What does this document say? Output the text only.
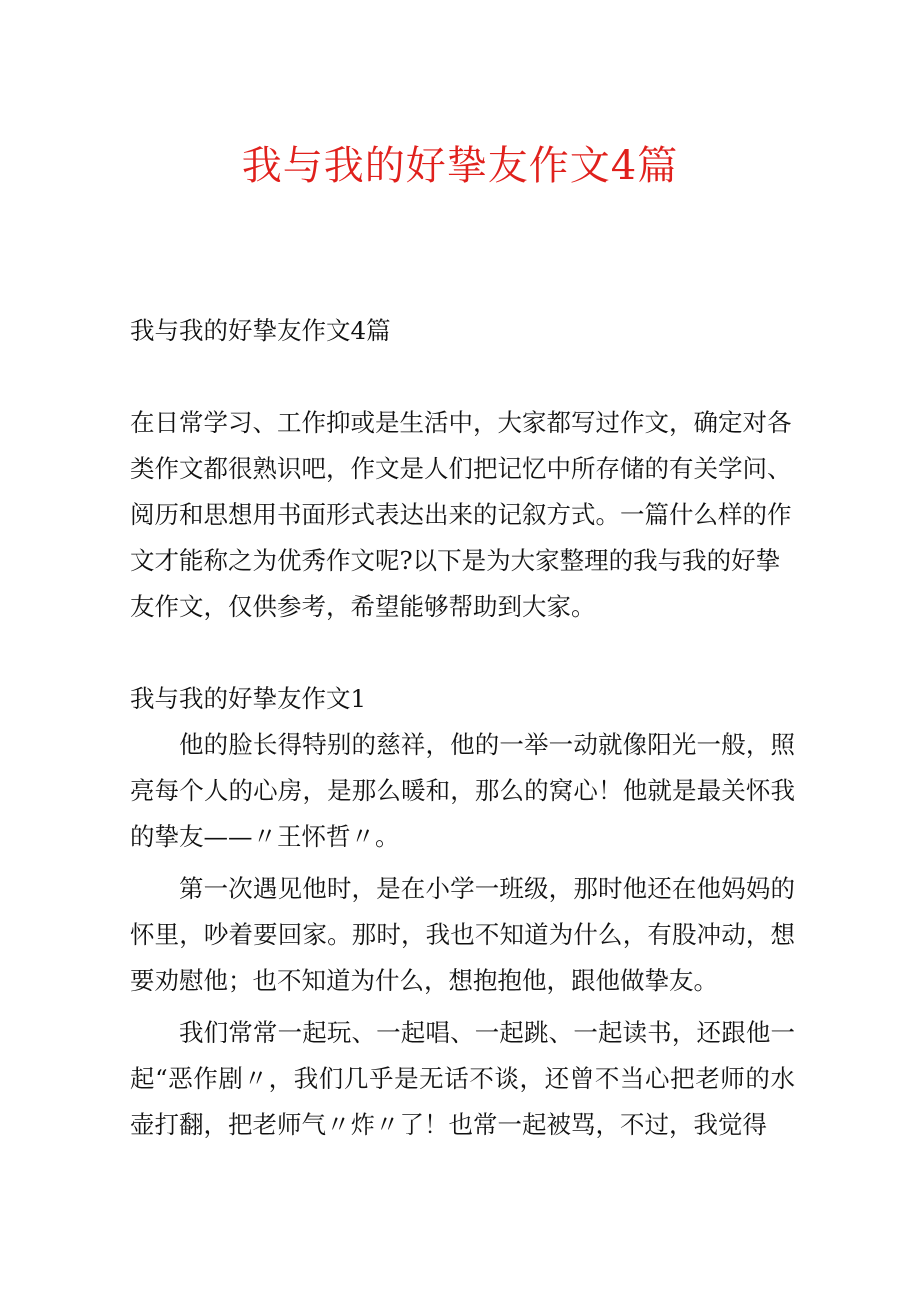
我与我的好挚友作文4篇

我与我的好挚友作文4篇

在日常学习、工作抑或是生活中，大家都写过作文，确定对各类作文都很熟识吧，作文是人们把记忆中所存储的有关学问、阅历和思想用书面形式表达出来的记叙方式。一篇什么样的作文才能称之为优秀作文呢?以下是为大家整理的我与我的好挚友作文，仅供参考，希望能够帮助到大家。

我与我的好挚友作文1

他的脸长得特别的慈祥，他的一举一动就像阳光一般，照亮每个人的心房，是那么暖和，那么的窝心！他就是最关怀我的挚友——〃王怀哲〃。

第一次遇见他时，是在小学一班级，那时他还在他妈妈的怀里，吵着要回家。那时，我也不知道为什么，有股冲动，想要劝慰他；也不知道为什么，想抱抱他，跟他做挚友。

我们常常一起玩、一起唱、一起跳、一起读书，还跟他一起“恶作剧〃，我们几乎是无话不谈，还曾不当心把老师的水壶打翻，把老师气〃炸〃了！也常一起被骂，不过，我觉得
